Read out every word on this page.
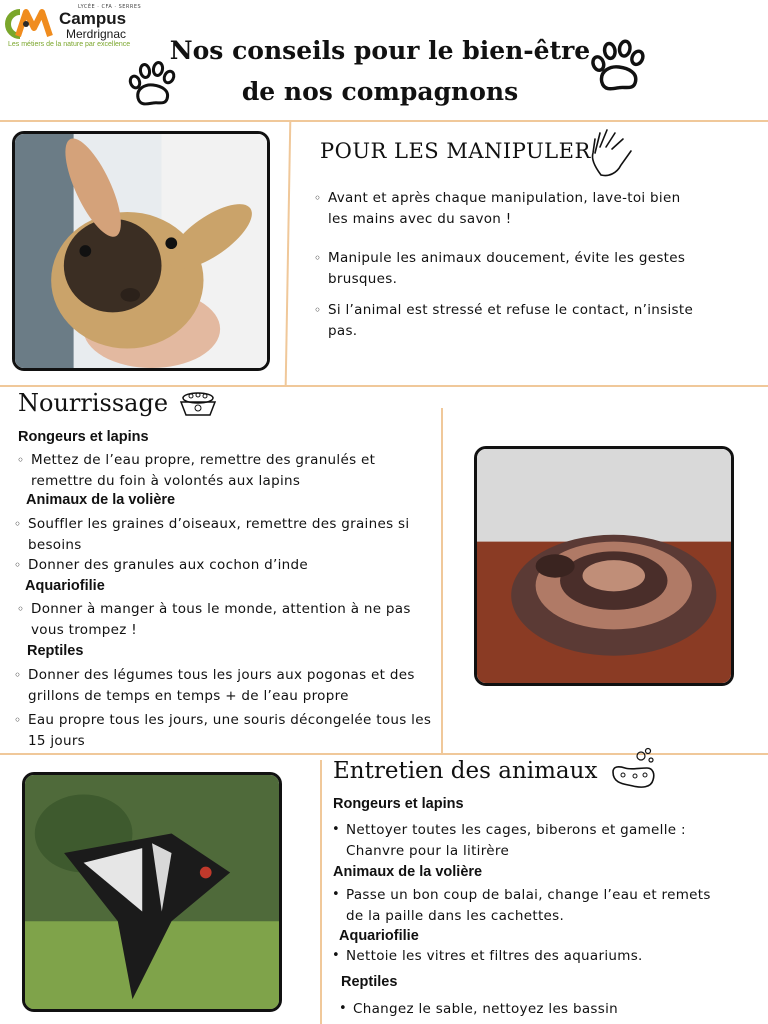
LYCÉE · CFA · SERRES
Campus
Merdrignac
Les métiers de la nature par excellence	Nos conseils pour le bien-être
de nos compagnons
POUR LES MANIPULER
◦ Avant et après chaque manipulation, lave-toi bien les mains avec du savon !
◦ Manipule les animaux doucement, évite les gestes brusques.
◦ Si l’animal est stressé et refuse le contact, n’insiste pas.
Nourrissage
Rongeurs et lapins
◦ Mettez de l’eau propre, remettre des granulés et remettre du foin à volontés aux lapins
Animaux de la volière
◦ Souffler les graines d’oiseaux, remettre des graines si besoins
◦ Donner des granules aux cochon d’inde
Aquariofilie
◦ Donner à manger à tous le monde, attention à ne pas vous trompez !
Reptiles
◦ Donner des légumes tous les jours aux pogonas et des grillons de temps en temps + de l’eau propre
◦ Eau propre tous les jours, une souris décongelée tous les 15 jours
Entretien des animaux
Rongeurs et lapins
• Nettoyer toutes les cages, biberons et gamelle : Chanvre pour la litirère
Animaux de la volière
• Passe un bon coup de balai, change l’eau et remets de la paille dans les cachettes.
Aquariofilie
• Nettoie les vitres et filtres des aquariums.
Reptiles
• Changez le sable, nettoyez les bassin
